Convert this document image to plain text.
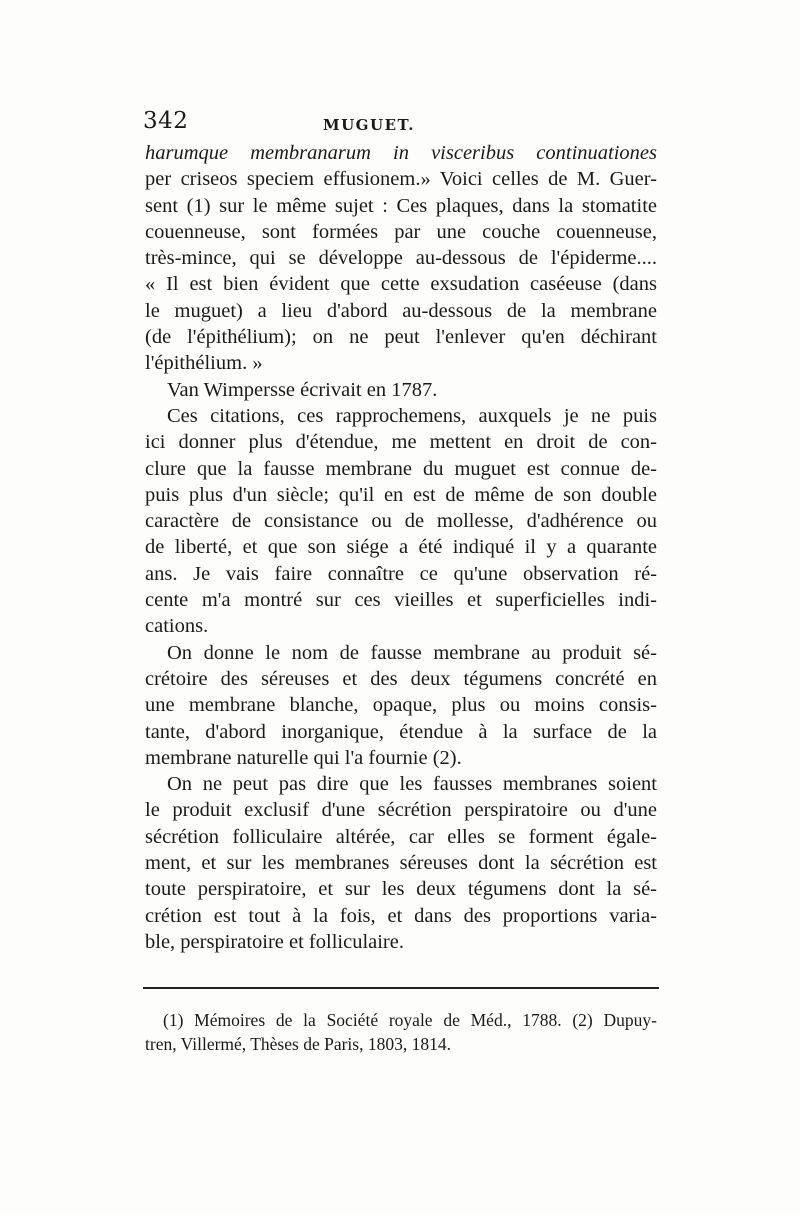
342	MUGUET.
harumque membranarum in visceribus continuationes
per criseos speciem effusionem.» Voici celles de M. Guer-
sent (1) sur le même sujet : Ces plaques, dans la stomatite
couenneuse, sont formées par une couche couenneuse,
très-mince, qui se développe au-dessous de l'épiderme....
« Il est bien évident que cette exsudation caséeuse (dans
le muguet) a lieu d'abord au-dessous de la membrane
(de l'épithélium); on ne peut l'enlever qu'en déchirant
l'épithélium. »
Van Wimpersse écrivait en 1787.
Ces citations, ces rapprochemens, auxquels je ne puis
ici donner plus d'étendue, me mettent en droit de con-
clure que la fausse membrane du muguet est connue de-
puis plus d'un siècle; qu'il en est de même de son double
caractère de consistance ou de mollesse, d'adhérence ou
de liberté, et que son siége a été indiqué il y a quarante
ans. Je vais faire connaître ce qu'une observation ré-
cente m'a montré sur ces vieilles et superficielles indi-
cations.
On donne le nom de fausse membrane au produit sé-
crétoire des séreuses et des deux tégumens concrété en
une membrane blanche, opaque, plus ou moins consis-
tante, d'abord inorganique, étendue à la surface de la
membrane naturelle qui l'a fournie (2).
On ne peut pas dire que les fausses membranes soient
le produit exclusif d'une sécrétion perspiratoire ou d'une
sécrétion folliculaire altérée, car elles se forment égale-
ment, et sur les membranes séreuses dont la sécrétion est
toute perspiratoire, et sur les deux tégumens dont la sé-
crétion est tout à la fois, et dans des proportions varia-
ble, perspiratoire et folliculaire.
(1) Mémoires de la Société royale de Méd., 1788. (2) Dupuy-
tren, Villermé, Thèses de Paris, 1803, 1814.
